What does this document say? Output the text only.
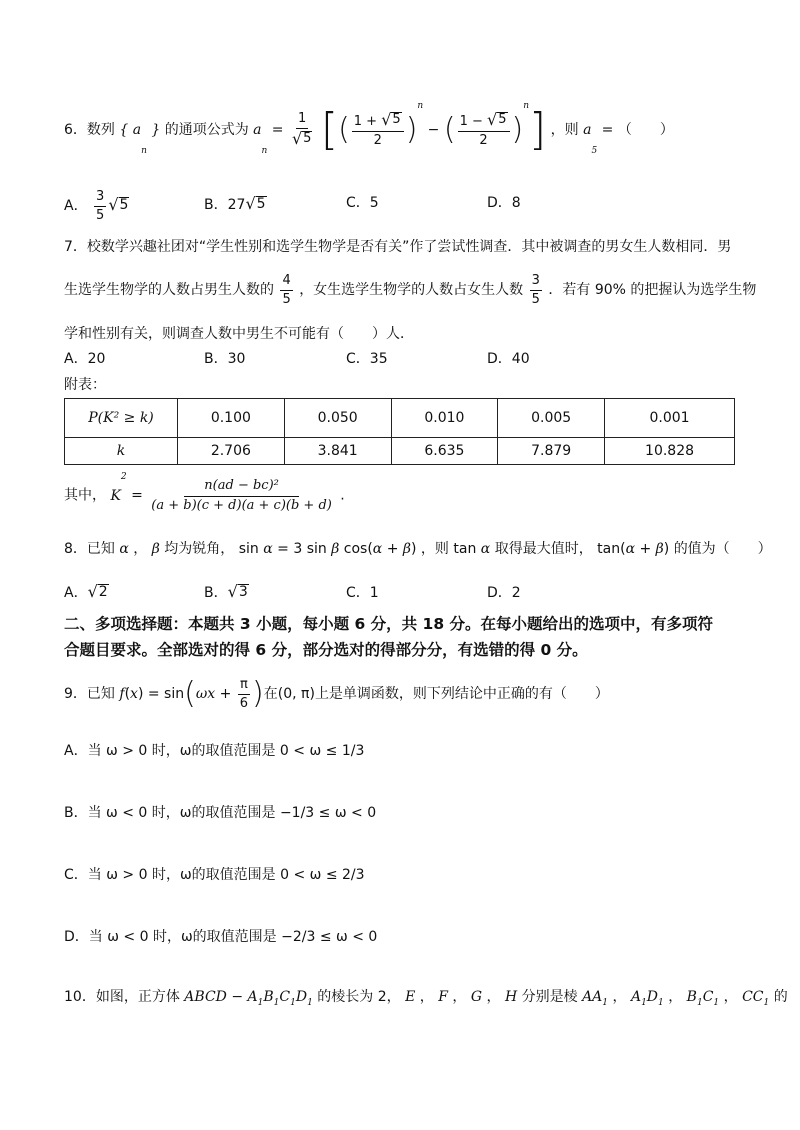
6．数列 { $a_n$ } 的通项公式为 $a_n = \frac{1}{√ 5}$ [( $\frac{1 + √ 5}{2} )^n$ − ( $\frac{1 - √ 5}{2} )^n$] ，则 $a_5$ = （　　）
A． $\frac{3}{5}$ √ 5	B．27 √ 5	C．5	D．8
7．校数学兴趣社团对“学生性别和选学生物学是否有关”作了尝试性调查．其中被调查的男女生人数相同．男
生选学生物学的人数占男生人数的 $\frac{4}{5}$ ，女生选学生物学的人数占女生人数 $\frac{3}{5}$ ．若有 90% 的把握认为选学生物
学和性别有关，则调查人数中男生不可能有（　　）人．
A．20	B．30	C．35	D．40
附表：
P(K² ≥ k)	0.100	0.050	0.010	0.005	0.001
k	2.706	3.841	6.635	7.879	10.828
其中， $K^2 = \frac{\text{n(ad − bc)²}}{(a + b)(c + d)(a + c)(b + d)}$ .
8．已知 α ， β 均为锐角， sin α = 3 sin β cos(α + β) ，则 tan α 取得最大值时， tan(α + β) 的值为（　　）
A． √ 2	B． √ 3	C．1	D．2
二、多项选择题：本题共 3 小题，每小题 6 分，共 18 分。在每小题给出的选项中，有多项符
合题目要求。全部选对的得 6 分，部分选对的得部分分，有选错的得 0 分。
9．已知 $f(x) = \sin(\omega x + \frac{\pi}{6}$ )在(0, π)上是单调函数，则下列结论中正确的有（　　）
A．当 ω > 0 时，ω的取值范围是 0 < ω ≤ 1/3
B．当 ω < 0 时，ω的取值范围是 −1/3 ≤ ω < 0
C．当 ω > 0 时，ω的取值范围是 0 < ω ≤ 2/3
D．当 ω < 0 时，ω的取值范围是 −2/3 ≤ ω < 0
10．如图，正方体 ABCD − $A_1B_1C_1D_1$ 的棱长为 2， E ， F ， G ， H 分别是棱 $AA_1$ ， $A_1D_1$ ， $B_1C_1$ ， $CC_1$ 的
